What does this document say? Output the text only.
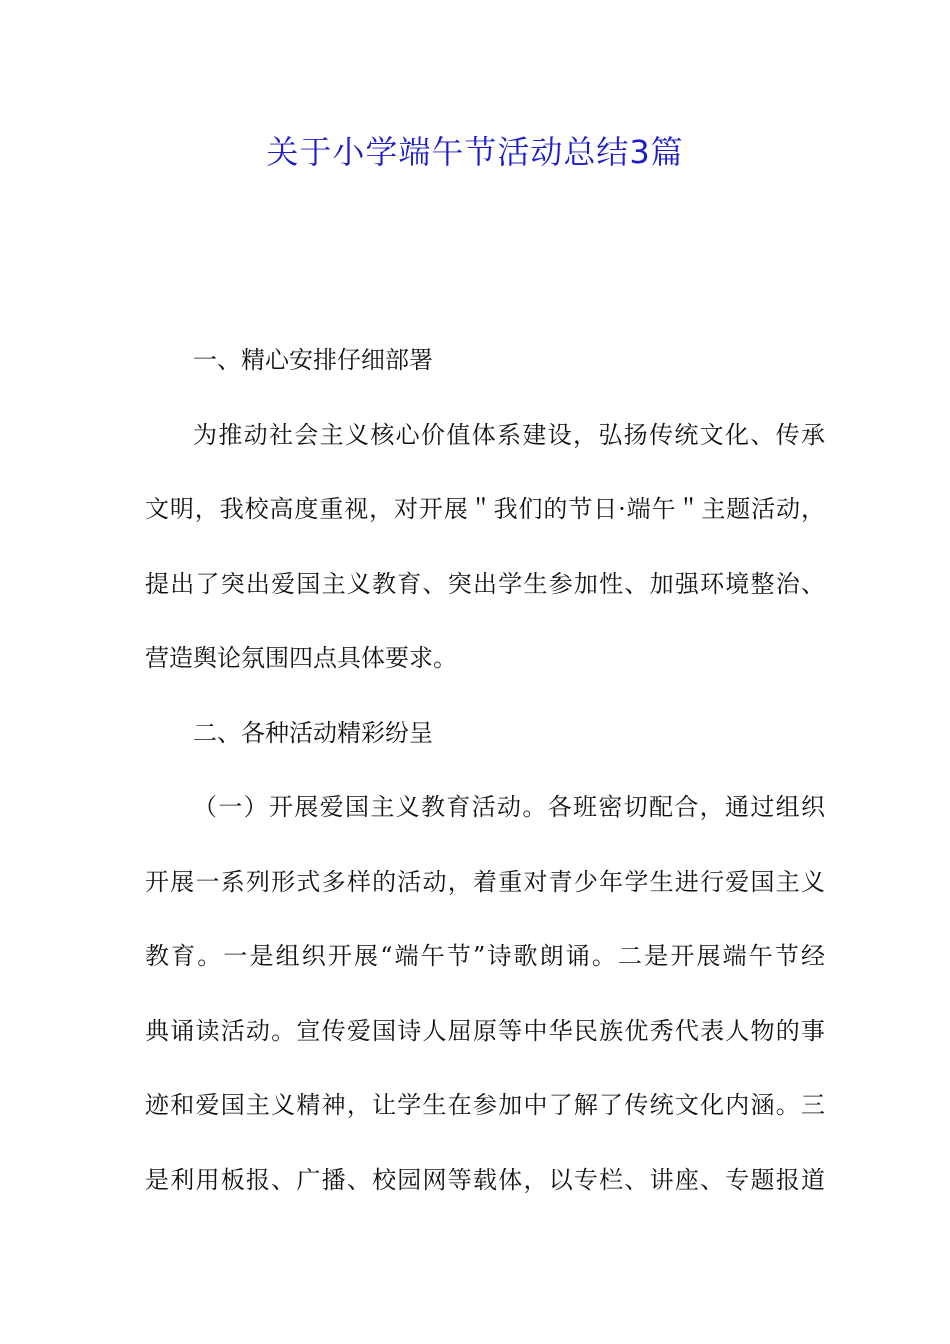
关于小学端午节活动总结3篇
一、精心安排仔细部署
为推动社会主义核心价值体系建设，弘扬传统文化、传承
文明，我校高度重视，对开展＂我们的节日·端午＂主题活动，
提出了突出爱国主义教育、突出学生参加性、加强环境整治、
营造舆论氛围四点具体要求。
二、各种活动精彩纷呈
（一）开展爱国主义教育活动。各班密切配合，通过组织
开展一系列形式多样的活动，着重对青少年学生进行爱国主义
教育。一是组织开展“端午节”诗歌朗诵。二是开展端午节经
典诵读活动。宣传爱国诗人屈原等中华民族优秀代表人物的事
迹和爱国主义精神，让学生在参加中了解了传统文化内涵。三
是利用板报、广播、校园网等载体，以专栏、讲座、专题报道
